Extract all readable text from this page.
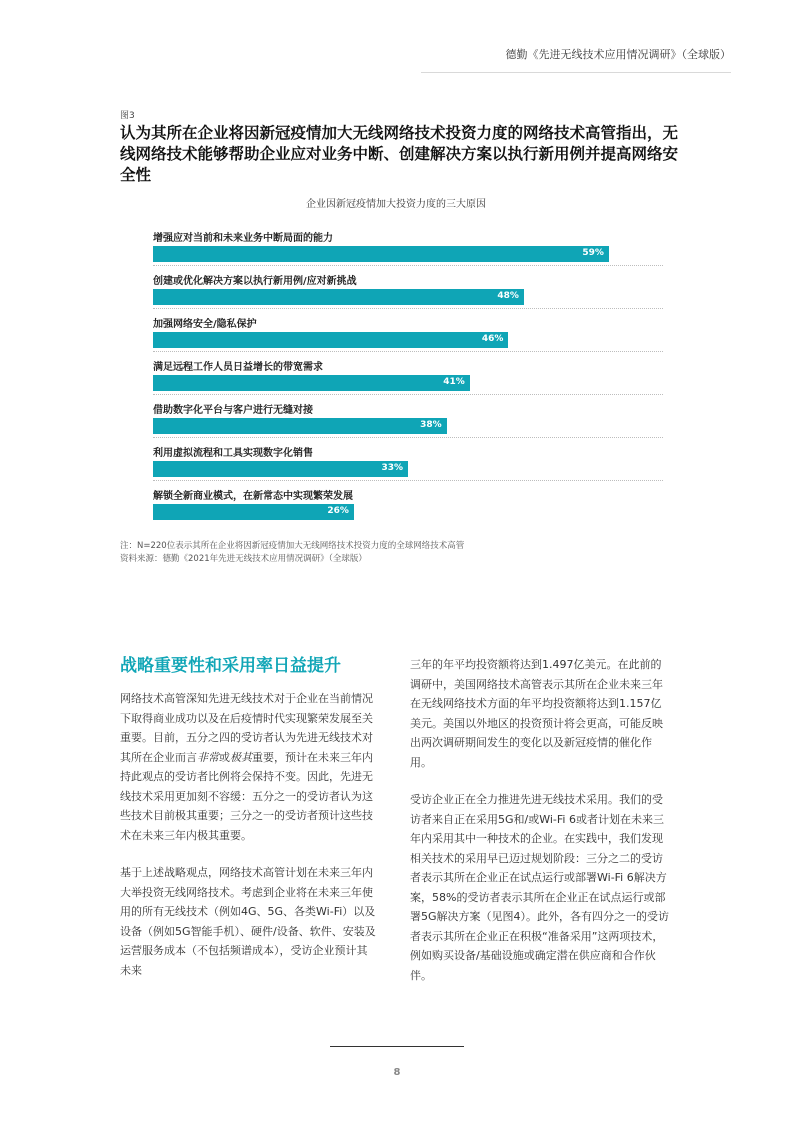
德勤《先进无线技术应用情况调研》（全球版）
图3
认为其所在企业将因新冠疫情加大无线网络技术投资力度的网络技术高管指出，无线网络技术能够帮助企业应对业务中断、创建解决方案以执行新用例并提高网络安全性
企业因新冠疫情加大投资力度的三大原因
增强应对当前和未来业务中断局面的能力
59%
创建或优化解决方案以执行新用例/应对新挑战
48%
加强网络安全/隐私保护
46%
满足远程工作人员日益增长的带宽需求
41%
借助数字化平台与客户进行无缝对接
38%
利用虚拟流程和工具实现数字化销售
33%
解锁全新商业模式，在新常态中实现繁荣发展
26%
注：N=220位表示其所在企业将因新冠疫情加大无线网络技术投资力度的全球网络技术高管
资料来源：德勤《2021年先进无线技术应用情况调研》（全球版）
战略重要性和采用率日益提升

网络技术高管深知先进无线技术对于企业在当前情况下取得商业成功以及在后疫情时代实现繁荣发展至关重要。目前，五分之四的受访者认为先进无线技术对其所在企业而言非常或极其重要，预计在未来三年内持此观点的受访者比例将会保持不变。因此，先进无线技术采用更加刻不容缓：五分之一的受访者认为这些技术目前极其重要；三分之一的受访者预计这些技术在未来三年内极其重要。

基于上述战略观点，网络技术高管计划在未来三年内大举投资无线网络技术。考虑到企业将在未来三年使用的所有无线技术（例如4G、5G、各类Wi-Fi）以及设备（例如5G智能手机）、硬件/设备、软件、安装及运营服务成本（不包括频谱成本），受访企业预计其未来

三年的年平均投资额将达到1.497亿美元。在此前的调研中，美国网络技术高管表示其所在企业未来三年在无线网络技术方面的年平均投资额将达到1.157亿美元。美国以外地区的投资预计将会更高，可能反映出两次调研期间发生的变化以及新冠疫情的催化作用。

受访企业正在全力推进先进无线技术采用。我们的受访者来自正在采用5G和/或Wi-Fi 6或者计划在未来三年内采用其中一种技术的企业。在实践中，我们发现相关技术的采用早已迈过规划阶段：三分之二的受访者表示其所在企业正在试点运行或部署Wi-Fi 6解决方案，58%的受访者表示其所在企业正在试点运行或部署5G解决方案（见图4）。此外，各有四分之一的受访者表示其所在企业正在积极“准备采用”这两项技术，例如购买设备/基础设施或确定潜在供应商和合作伙伴。

8
